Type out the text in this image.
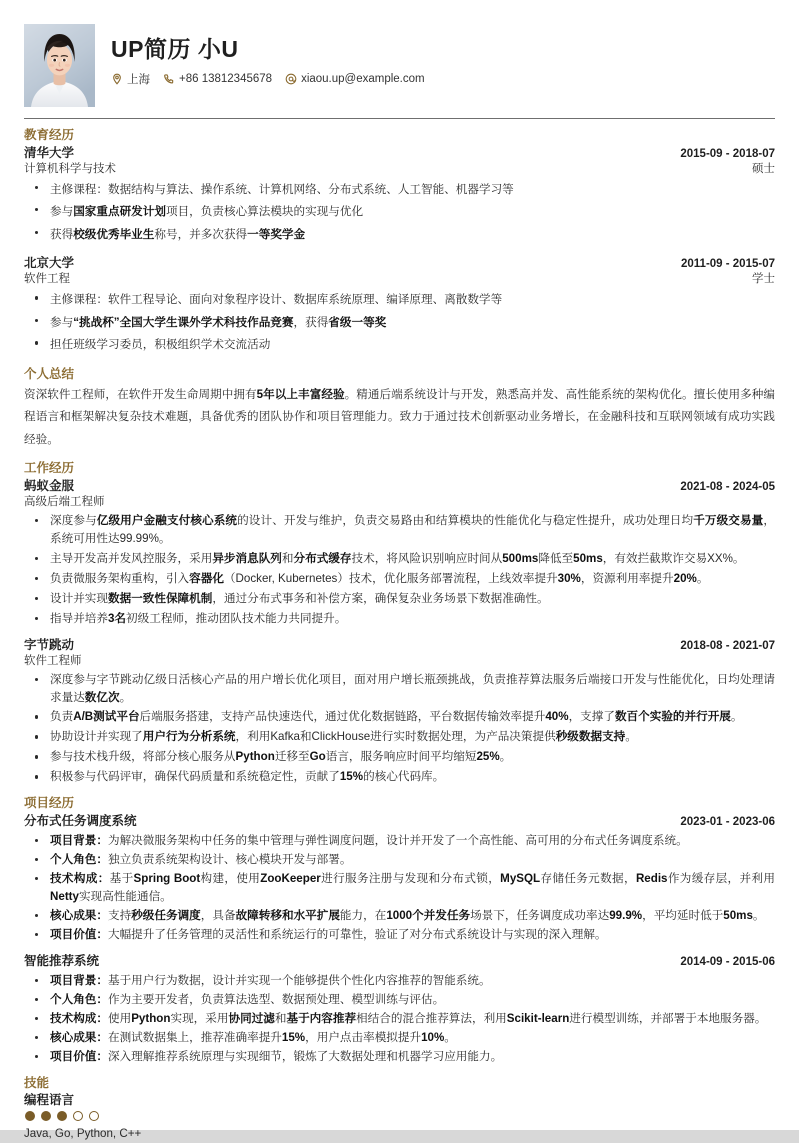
UP简历 小U
上海	+86 13812345678	xiaou.up@example.com
教育经历
清华大学	2015-09 - 2018-07
计算机科学与技术	硕士
主修课程：数据结构与算法、操作系统、计算机网络、分布式系统、人工智能、机器学习等
参与国家重点研发计划项目，负责核心算法模块的实现与优化
获得校级优秀毕业生称号，并多次获得一等奖学金
北京大学	2011-09 - 2015-07
软件工程	学士
主修课程：软件工程导论、面向对象程序设计、数据库系统原理、编译原理、离散数学等
参与“挑战杯”全国大学生课外学术科技作品竞赛，获得省级一等奖
担任班级学习委员，积极组织学术交流活动
个人总结

资深软件工程师，在软件开发生命周期中拥有5年以上丰富经验。精通后端系统设计与开发，熟悉高并发、高性能系统的架构优化。擅长使用多种编程语言和框架解决复杂技术难题，具备优秀的团队协作和项目管理能力。致力于通过技术创新驱动业务增长，在金融科技和互联网领域有成功实践经验。

工作经历
蚂蚁金服	2021-08 - 2024-05
高级后端工程师
深度参与亿级用户金融支付核心系统的设计、开发与维护，负责交易路由和结算模块的性能优化与稳定性提升，成功处理日均千万级交易量，系统可用性达99.99%。
主导开发高并发风控服务，采用异步消息队列和分布式缓存技术，将风险识别响应时间从500ms降低至50ms，有效拦截欺诈交易XX%。
负责微服务架构重构，引入容器化（Docker, Kubernetes）技术，优化服务部署流程，上线效率提升30%，资源利用率提升20%。
设计并实现数据一致性保障机制，通过分布式事务和补偿方案，确保复杂业务场景下数据准确性。
指导并培养3名初级工程师，推动团队技术能力共同提升。
字节跳动	2018-08 - 2021-07
软件工程师
深度参与字节跳动亿级日活核心产品的用户增长优化项目，面对用户增长瓶颈挑战，负责推荐算法服务后端接口开发与性能优化，日均处理请求量达数亿次。
负责A/B测试平台后端服务搭建，支持产品快速迭代，通过优化数据链路，平台数据传输效率提升40%，支撑了数百个实验的并行开展。
协助设计并实现了用户行为分析系统，利用Kafka和ClickHouse进行实时数据处理，为产品决策提供秒级数据支持。
参与技术栈升级，将部分核心服务从Python迁移至Go语言，服务响应时间平均缩短25%。
积极参与代码评审，确保代码质量和系统稳定性，贡献了15%的核心代码库。
项目经历
分布式任务调度系统	2023-01 - 2023-06
项目背景：为解决微服务架构中任务的集中管理与弹性调度问题，设计并开发了一个高性能、高可用的分布式任务调度系统。
个人角色：独立负责系统架构设计、核心模块开发与部署。
技术构成：基于Spring Boot构建，使用ZooKeeper进行服务注册与发现和分布式锁，MySQL存储任务元数据，Redis作为缓存层，并利用Netty实现高性能通信。
核心成果：支持秒级任务调度，具备故障转移和水平扩展能力，在1000个并发任务场景下，任务调度成功率达99.9%，平均延时低于50ms。
项目价值：大幅提升了任务管理的灵活性和系统运行的可靠性，验证了对分布式系统设计与实现的深入理解。
智能推荐系统	2014-09 - 2015-06
项目背景：基于用户行为数据，设计并实现一个能够提供个性化内容推荐的智能系统。
个人角色：作为主要开发者，负责算法选型、数据预处理、模型训练与评估。
技术构成：使用Python实现，采用协同过滤和基于内容推荐相结合的混合推荐算法，利用Scikit-learn进行模型训练，并部署于本地服务器。
核心成果：在测试数据集上，推荐准确率提升15%，用户点击率模拟提升10%。
项目价值：深入理解推荐系统原理与实现细节，锻炼了大数据处理和机器学习应用能力。
技能
编程语言
Java, Go, Python, C++
